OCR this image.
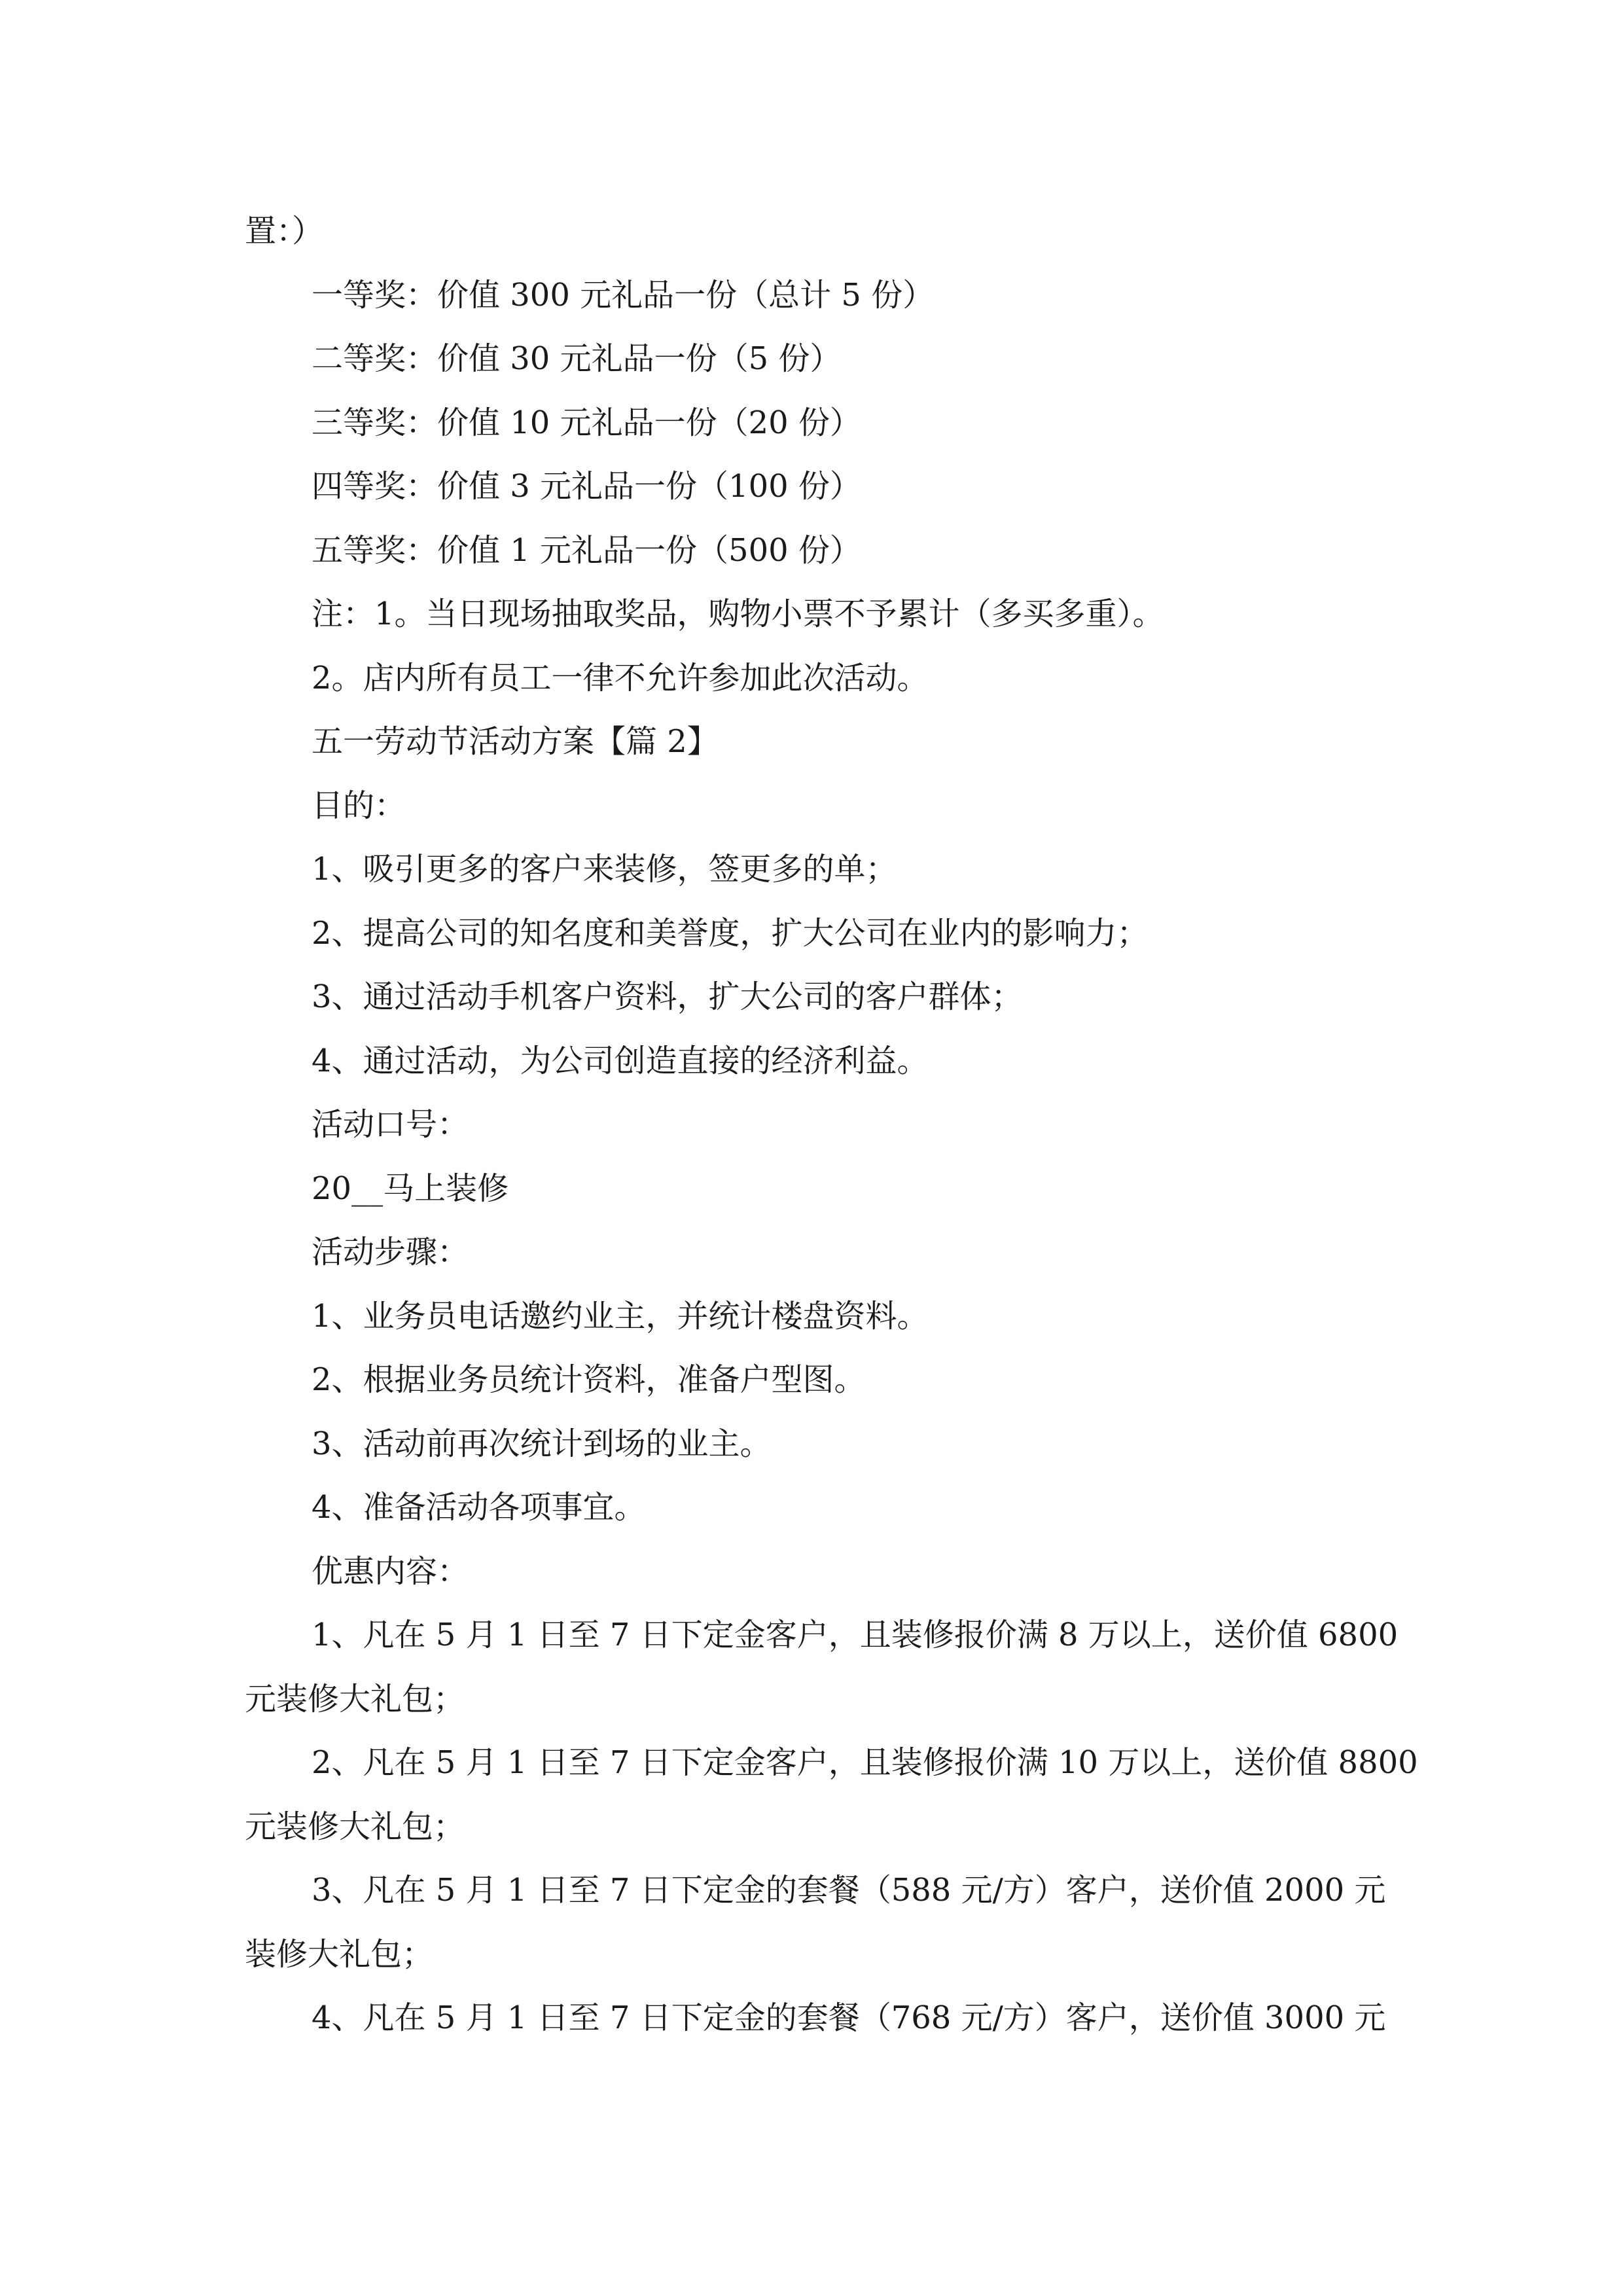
置：）

一等奖：价值 300 元礼品一份（总计 5 份）

二等奖：价值 30 元礼品一份（5 份）

三等奖：价值 10 元礼品一份（20 份）

四等奖：价值 3 元礼品一份（100 份）

五等奖：价值 1 元礼品一份（500 份）

注：1。当日现场抽取奖品，购物小票不予累计（多买多重）。

2。店内所有员工一律不允许参加此次活动。

五一劳动节活动方案【篇 2】

目的：

1、吸引更多的客户来装修，签更多的单；

2、提高公司的知名度和美誉度，扩大公司在业内的影响力；

3、通过活动手机客户资料，扩大公司的客户群体；

4、通过活动，为公司创造直接的经济利益。

活动口号：

20__马上装修

活动步骤：

1、业务员电话邀约业主，并统计楼盘资料。

2、根据业务员统计资料，准备户型图。

3、活动前再次统计到场的业主。

4、准备活动各项事宜。

优惠内容：

1、凡在 5 月 1 日至 7 日下定金客户，且装修报价满 8 万以上，送价值 6800

元装修大礼包；

2、凡在 5 月 1 日至 7 日下定金客户，且装修报价满 10 万以上，送价值 8800

元装修大礼包；

3、凡在 5 月 1 日至 7 日下定金的套餐（588 元/方）客户，送价值 2000 元

装修大礼包；

4、凡在 5 月 1 日至 7 日下定金的套餐（768 元/方）客户，送价值 3000 元
